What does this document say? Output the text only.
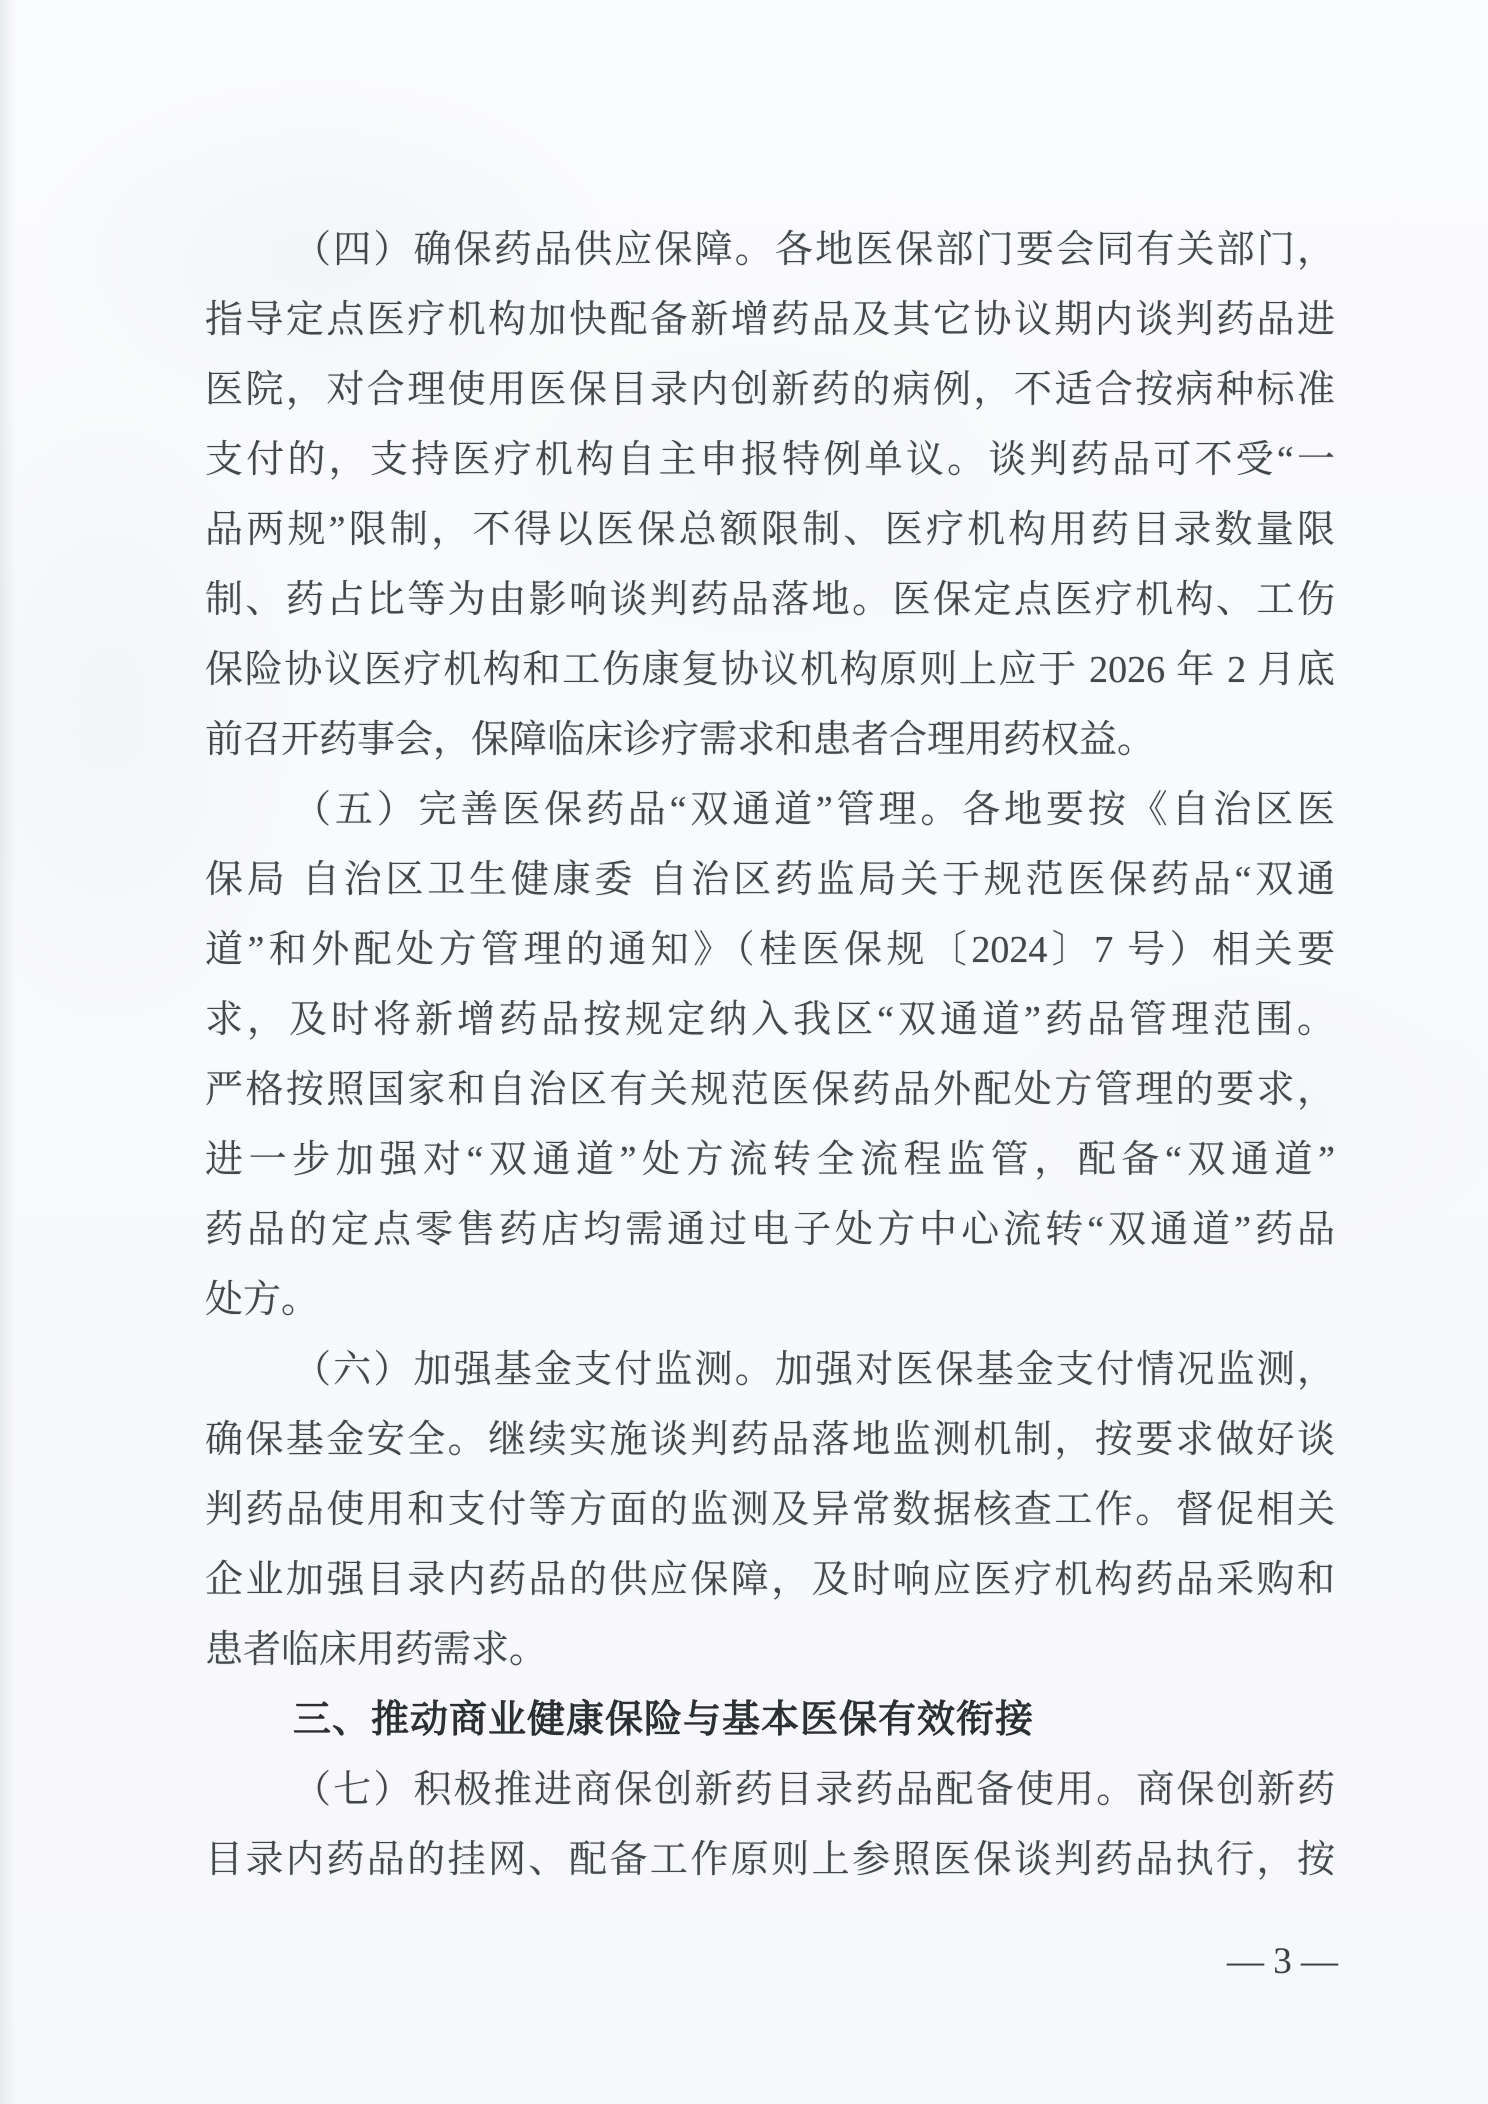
（四）确保药品供应保障。各地医保部门要会同有关部门，
指导定点医疗机构加快配备新增药品及其它协议期内谈判药品进
医院，对合理使用医保目录内创新药的病例，不适合按病种标准
支付的，支持医疗机构自主申报特例单议。谈判药品可不受“一
品两规”限制，不得以医保总额限制、医疗机构用药目录数量限
制、药占比等为由影响谈判药品落地。医保定点医疗机构、工伤
保险协议医疗机构和工伤康复协议机构原则上应于 2026 年 2 月底
前召开药事会，保障临床诊疗需求和患者合理用药权益。
（五）完善医保药品“双通道”管理。各地要按《自治区医
保局 自治区卫生健康委 自治区药监局关于规范医保药品“双通
道”和外配处方管理的通知》（桂医保规〔2024〕7 号）相关要
求，及时将新增药品按规定纳入我区“双通道”药品管理范围。
严格按照国家和自治区有关规范医保药品外配处方管理的要求，
进一步加强对“双通道”处方流转全流程监管，配备“双通道”
药品的定点零售药店均需通过电子处方中心流转“双通道”药品
处方。
（六）加强基金支付监测。加强对医保基金支付情况监测，
确保基金安全。继续实施谈判药品落地监测机制，按要求做好谈
判药品使用和支付等方面的监测及异常数据核查工作。督促相关
企业加强目录内药品的供应保障，及时响应医疗机构药品采购和
患者临床用药需求。
三、推动商业健康保险与基本医保有效衔接
（七）积极推进商保创新药目录药品配备使用。商保创新药
目录内药品的挂网、配备工作原则上参照医保谈判药品执行，按
— 3 —
